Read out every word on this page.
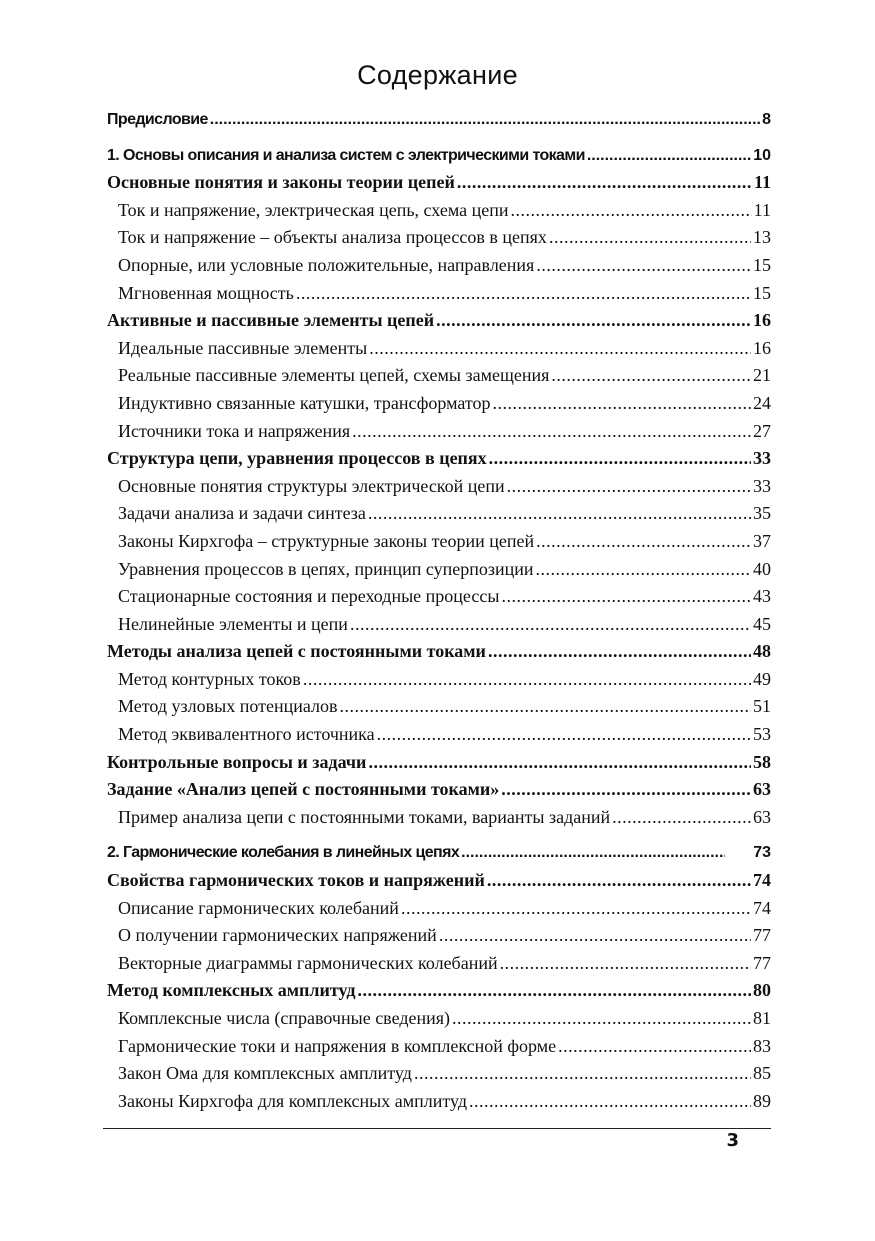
Содержание
Предисловие .....	8
1. Основы описания и анализа систем с электрическими токами .....	10
Основные понятия и законы теории цепей .....	11
Ток и напряжение, электрическая цепь, схема цепи .....	11
Ток и напряжение – объекты анализа процессов в цепях .....	13
Опорные, или условные положительные, направления .....	15
Мгновенная мощность .....	15
Активные и пассивные элементы цепей .....	16
Идеальные пассивные элементы .....	16
Реальные пассивные элементы цепей, схемы замещения .....	21
Индуктивно связанные катушки, трансформатор .....	24
Источники тока и напряжения .....	27
Структура цепи, уравнения процессов в цепях .....	33
Основные понятия структуры электрической цепи .....	33
Задачи анализа и задачи синтеза .....	35
Законы Кирхгофа – структурные законы теории цепей .....	37
Уравнения процессов в цепях, принцип суперпозиции .....	40
Стационарные состояния и переходные процессы .....	43
Нелинейные элементы и цепи .....	45
Методы анализа цепей с постоянными токами .....	48
Метод контурных токов .....	49
Метод узловых потенциалов .....	51
Метод эквивалентного источника .....	53
Контрольные вопросы и задачи .....	58
Задание «Анализ цепей с постоянными токами» .....	63
Пример анализа цепи с постоянными токами, варианты заданий .....	63
2. Гармонические колебания в линейных цепях .....	73
Свойства гармонических токов и напряжений .....	74
Описание гармонических колебаний .....	74
О получении гармонических напряжений .....	77
Векторные диаграммы гармонических колебаний .....	77
Метод комплексных амплитуд .....	80
Комплексные числа (справочные сведения) .....	81
Гармонические токи и напряжения в комплексной форме .....	83
Закон Ома для комплексных амплитуд .....	85
Законы Кирхгофа для комплексных амплитуд .....	89
3
